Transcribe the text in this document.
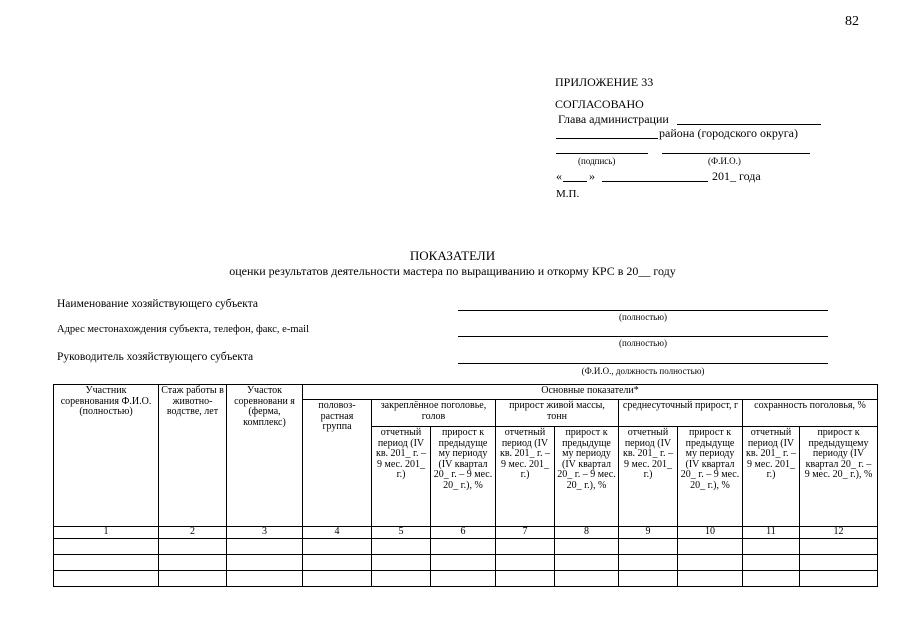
82
ПРИЛОЖЕНИЕ 33
СОГЛАСОВАНО
Глава администрации
района (городского округа)
(подпись)	(Ф.И.О.)
« »	201_ года
М.П.
ПОКАЗАТЕЛИ
оценки результатов деятельности мастера по выращиванию и откорму КРС в 20__ году
Наименование хозяйствующего субъекта
(полностью)
Адрес местонахождения субъекта, телефон, факс, e-mail
(полностью)
Руководитель хозяйствующего субъекта
(Ф.И.О., должность полностью)
Участник соревнования Ф.И.О. (полностью)	Стаж работы в животно-водстве, лет	Участок соревновани я (ферма, комплекс)	Основные показатели*								
			половоз-растная группа	закреплённое поголовье, голов		прирост живой массы, тонн		среднесуточный прирост, г		сохранность поголовья, %	
				отчетный период (IV кв. 201_ г. – 9 мес. 201_ г.)	прирост к предыдуще му периоду (IV квартал 20_ г. – 9 мес. 20_ г.), %	отчетный период (IV кв. 201_ г. – 9 мес. 201_ г.)	прирост к предыдуще му периоду (IV квартал 20_ г. – 9 мес. 20_ г.), %	отчетный период (IV кв. 201_ г. – 9 мес. 201_ г.)	прирост к предыдуще му периоду (IV квартал 20_ г. – 9 мес. 20_ г.), %	отчетный период (IV кв. 201_ г. – 9 мес. 201_ г.)	прирост к предыдущему периоду (IV квартал 20_ г. – 9 мес. 20_ г.), %
1	2	3	4	5	6	7	8	9	10	11	12
